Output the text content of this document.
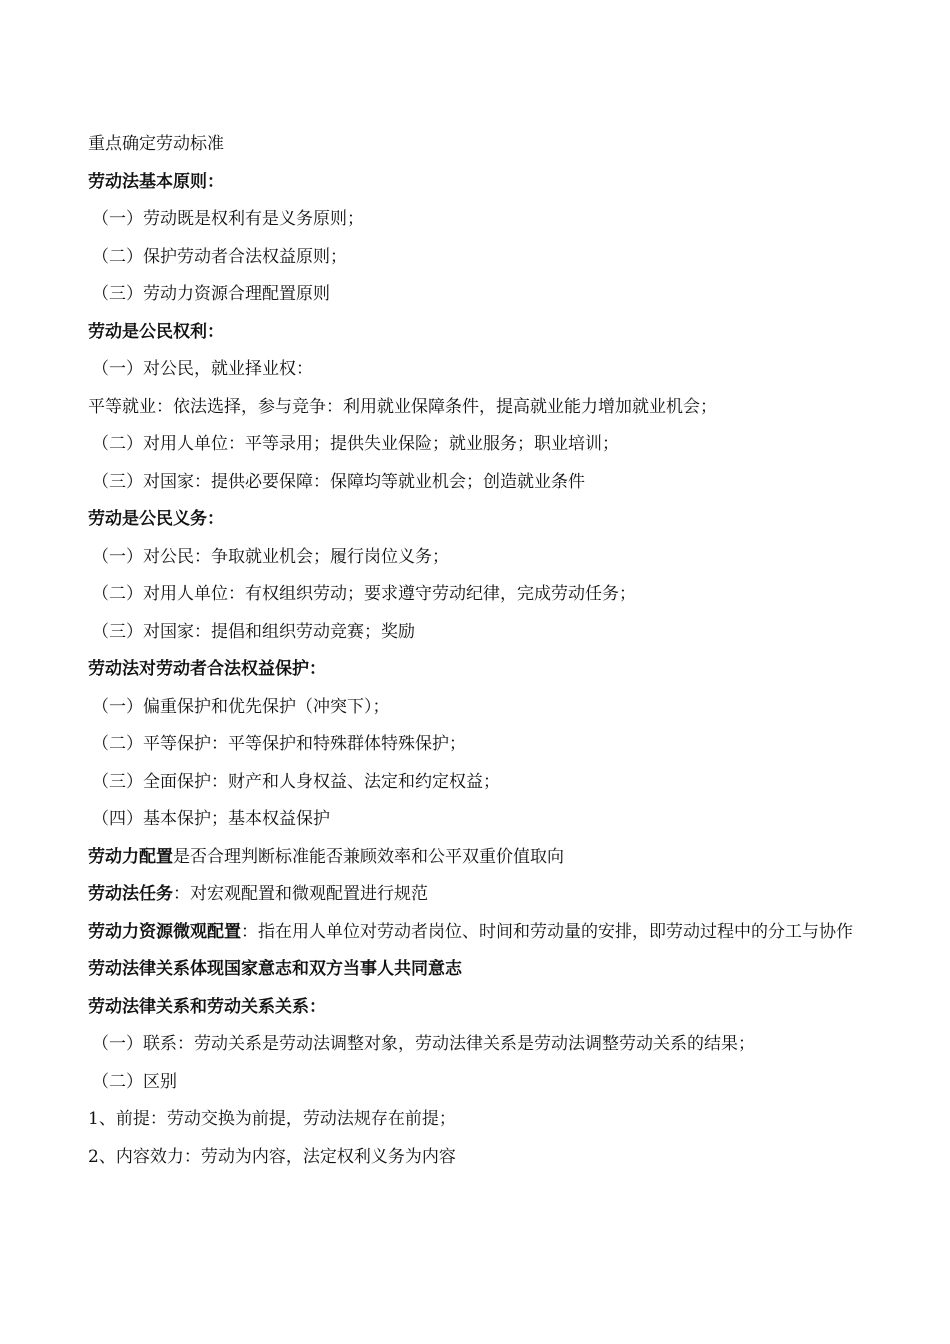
重点确定劳动标准
劳动法基本原则：
（一）劳动既是权利有是义务原则；
（二）保护劳动者合法权益原则；
（三）劳动力资源合理配置原则
劳动是公民权利：
（一）对公民，就业择业权：
平等就业：依法选择，参与竞争：利用就业保障条件，提高就业能力增加就业机会；
（二）对用人单位：平等录用；提供失业保险；就业服务；职业培训；
（三）对国家：提供必要保障：保障均等就业机会；创造就业条件
劳动是公民义务：
（一）对公民：争取就业机会；履行岗位义务；
（二）对用人单位：有权组织劳动；要求遵守劳动纪律，完成劳动任务；
（三）对国家：提倡和组织劳动竞赛；奖励
劳动法对劳动者合法权益保护：
（一）偏重保护和优先保护（冲突下）；
（二）平等保护：平等保护和特殊群体特殊保护；
（三）全面保护：财产和人身权益、法定和约定权益；
（四）基本保护；基本权益保护
劳动力配置是否合理判断标准能否兼顾效率和公平双重价值取向
劳动法任务：对宏观配置和微观配置进行规范
劳动力资源微观配置：指在用人单位对劳动者岗位、时间和劳动量的安排，即劳动过程中的分工与协作
劳动法律关系体现国家意志和双方当事人共同意志
劳动法律关系和劳动关系关系：
（一）联系：劳动关系是劳动法调整对象，劳动法律关系是劳动法调整劳动关系的结果；
（二）区别
1、前提：劳动交换为前提，劳动法规存在前提；
2、内容效力：劳动为内容，法定权利义务为内容
